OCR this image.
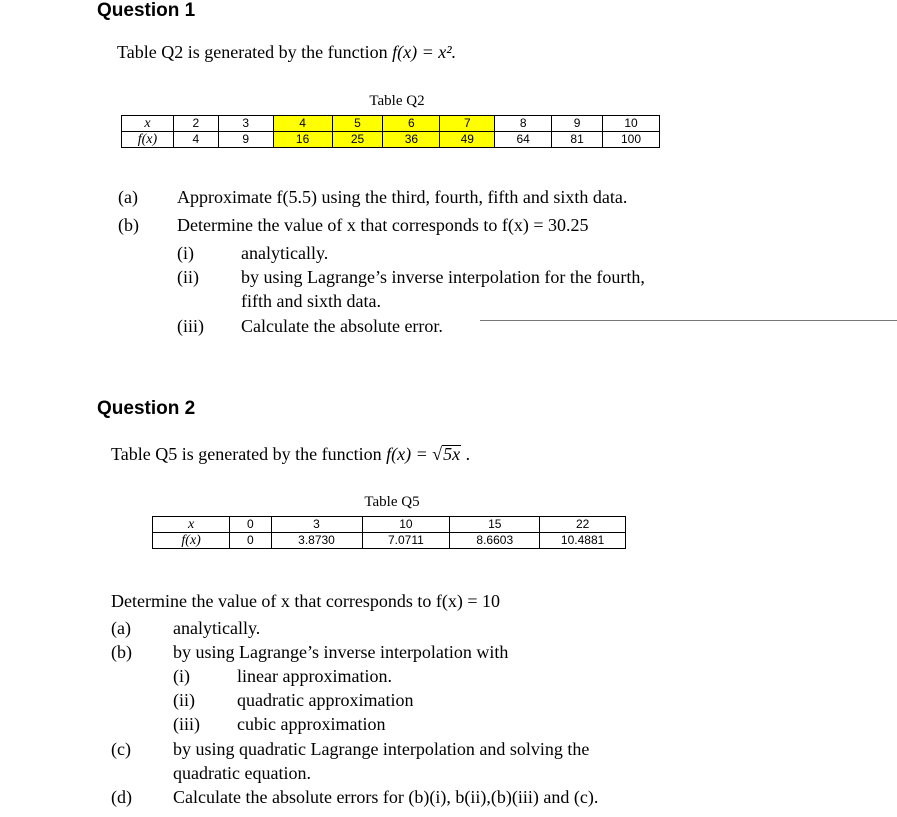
Question 1
Table Q2 is generated by the function f(x) = x².
Table Q2
x	2	3	4	5	6	7	8	9	10
f(x)	4	9	16	25	36	49	64	81	100
(a) Approximate f(5.5) using the third, fourth, fifth and sixth data.
(b) Determine the value of x that corresponds to f(x) = 30.25
(i)	analytically.
(ii) by using Lagrange’s inverse interpolation for the fourth,
fifth and sixth data.
(iii) Calculate the absolute error.
Question 2
Table Q5 is generated by the function f(x) = √5x .
Table Q5
x	0	3	10	15	22
f(x)	0	3.8730	7.0711	8.6603	10.4881
Determine the value of x that corresponds to f(x) = 10
(a) analytically.
(b) by using Lagrange’s inverse interpolation with
(i)	linear approximation.
(ii) quadratic approximation
(iii) cubic approximation
(c) by using quadratic Lagrange interpolation and solving the
quadratic equation.
(d) Calculate the absolute errors for (b)(i), b(ii),(b)(iii) and (c).
